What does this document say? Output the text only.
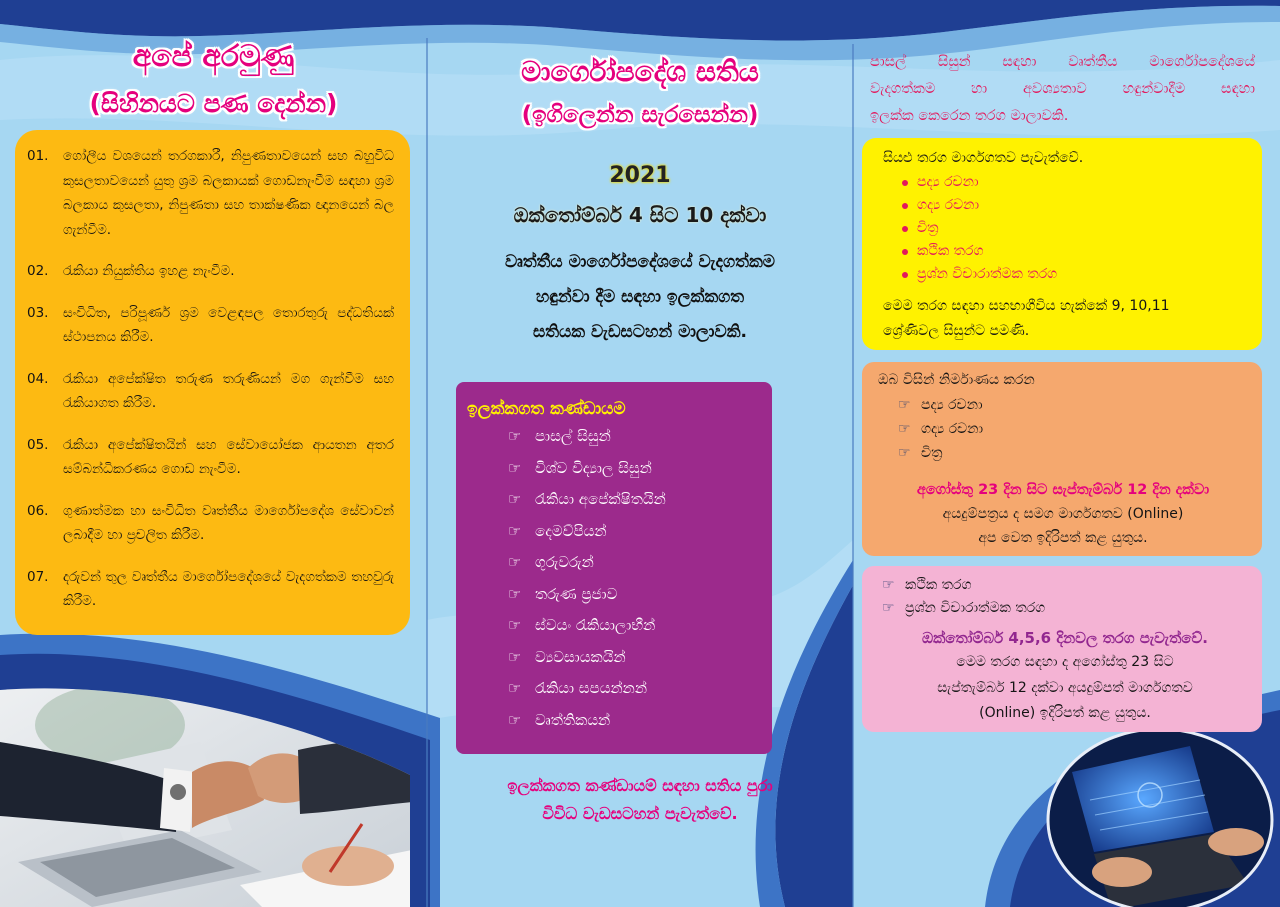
අපේ අරමුණු
(සිහිනයට පණ දෙන්න)
01.	ගෝලීය වශයෙන් තරගකාරී, නිපුණතාවයෙන් සහ බහුවිධ කුසලතාවයෙන් යුතු ශ්‍රම බලකායක් ගොඩනැංවීම සඳහා ශ්‍රම බලකාය කුසලතා, නිපුණතා සහ තාක්ෂණික ඥානයෙන් බල ගැන්වීම.
02.	රැකියා නියුක්තිය ඉහළ නැංවීම.
03.	සංවිධිත, පරිපූර්ණ ශ්‍රම වෙළඳපල තොරතුරු පද්ධතියක් ස්ථාපනය කිරීම.
04.	රැකියා අපේක්ෂිත තරුණ තරුණියන් මග ගැන්වීම සහ රැකියාගත කිරීම.
05.	රැකියා අපේක්ෂිතයින් සහ සේවායෝජක ආයතන අතර සම්බන්ධිකරණය ගොඩ නැංවීම.
06.	ගුණාත්මක හා සංවිධිත වෘත්තීය මාර්ගෝපදේශ සේවාවන් ලබාදීම හා ප්‍රචලිත කිරීම.
07.	දරුවන් තුල වෘත්තීය මාර්ගෝපදේශයේ වැදගත්කම තහවුරු කිරීම.
මාර්ගෝපදේශ සතිය
(ඉගිලෙන්න සැරසෙන්න)
2021
ඔක්තෝම්බර් 4 සිට 10 දක්වා
වෘත්තීය මාර්ගෝපදේශයේ වැදගත්කම
හඳුන්වා දීම සඳහා ඉලක්කගත
සතියක වැඩසටහන් මාලාවකි.
ඉලක්කගත කණ්ඩායම
☞පාසල් සිසුන්
☞විශ්ව විද්‍යාල සිසුන්
☞රැකියා අපේක්ෂිතයින්
☞දෙමව්පියන්
☞ගුරුවරුන්
☞තරුණ ප්‍රජාව
☞ස්වයං රැකියාලාභීන්
☞ව්‍යවසායකයින්
☞රැකියා සපයන්නන්
☞වෘත්තිකයන්
ඉලක්කගත කණ්ඩායම් සඳහා සතිය පුරා
විවිධ වැඩසටහන් පැවැත්වේ.
පාසල් සිසුන් සඳහා වෘත්තීය මාර්ගෝපදේශයේ
වැදගත්කම හා අවශ්‍යතාව හඳුන්වාදීම සඳහා
ඉලක්ක කෙරෙන තරග මාලාවකි.
සියළු තරග මාර්ගගතව පැවැත්වේ.
පද්‍ය රචනා
ගද්‍ය රචනා
චිත්‍ර
කථික තරග
ප්‍රශ්න විචාරාත්මක තරග
මෙම තරග සඳහා සහභාගීවිය හැක්කේ 9, 10,11
ශ්‍රේණිවල සිසුන්ට පමණි.
ඔබ විසින් නිර්මාණය කරන
☞පද්‍ය රචනා
☞ගද්‍ය රචනා
☞චිත්‍ර
අගෝස්තු 23 දින සිට සැප්තැම්බර් 12 දින දක්වා
අයදුම්පත්‍රය ද සමග මාර්ගගතව (Online)
අප වෙත ඉදිරිපත් කළ යුතුය.
☞කථික තරග
☞ප්‍රශ්න විචාරාත්මක තරග
ඔක්තෝම්බර් 4,5,6 දිනවල තරග පැවැත්වේ.
මෙම තරග සඳහා ද අගෝස්තු 23 සිට
සැප්තැම්බර් 12 දක්වා අයදුම්පත් මාර්ගගතව
(Online) ඉදිරිපත් කළ යුතුය.
